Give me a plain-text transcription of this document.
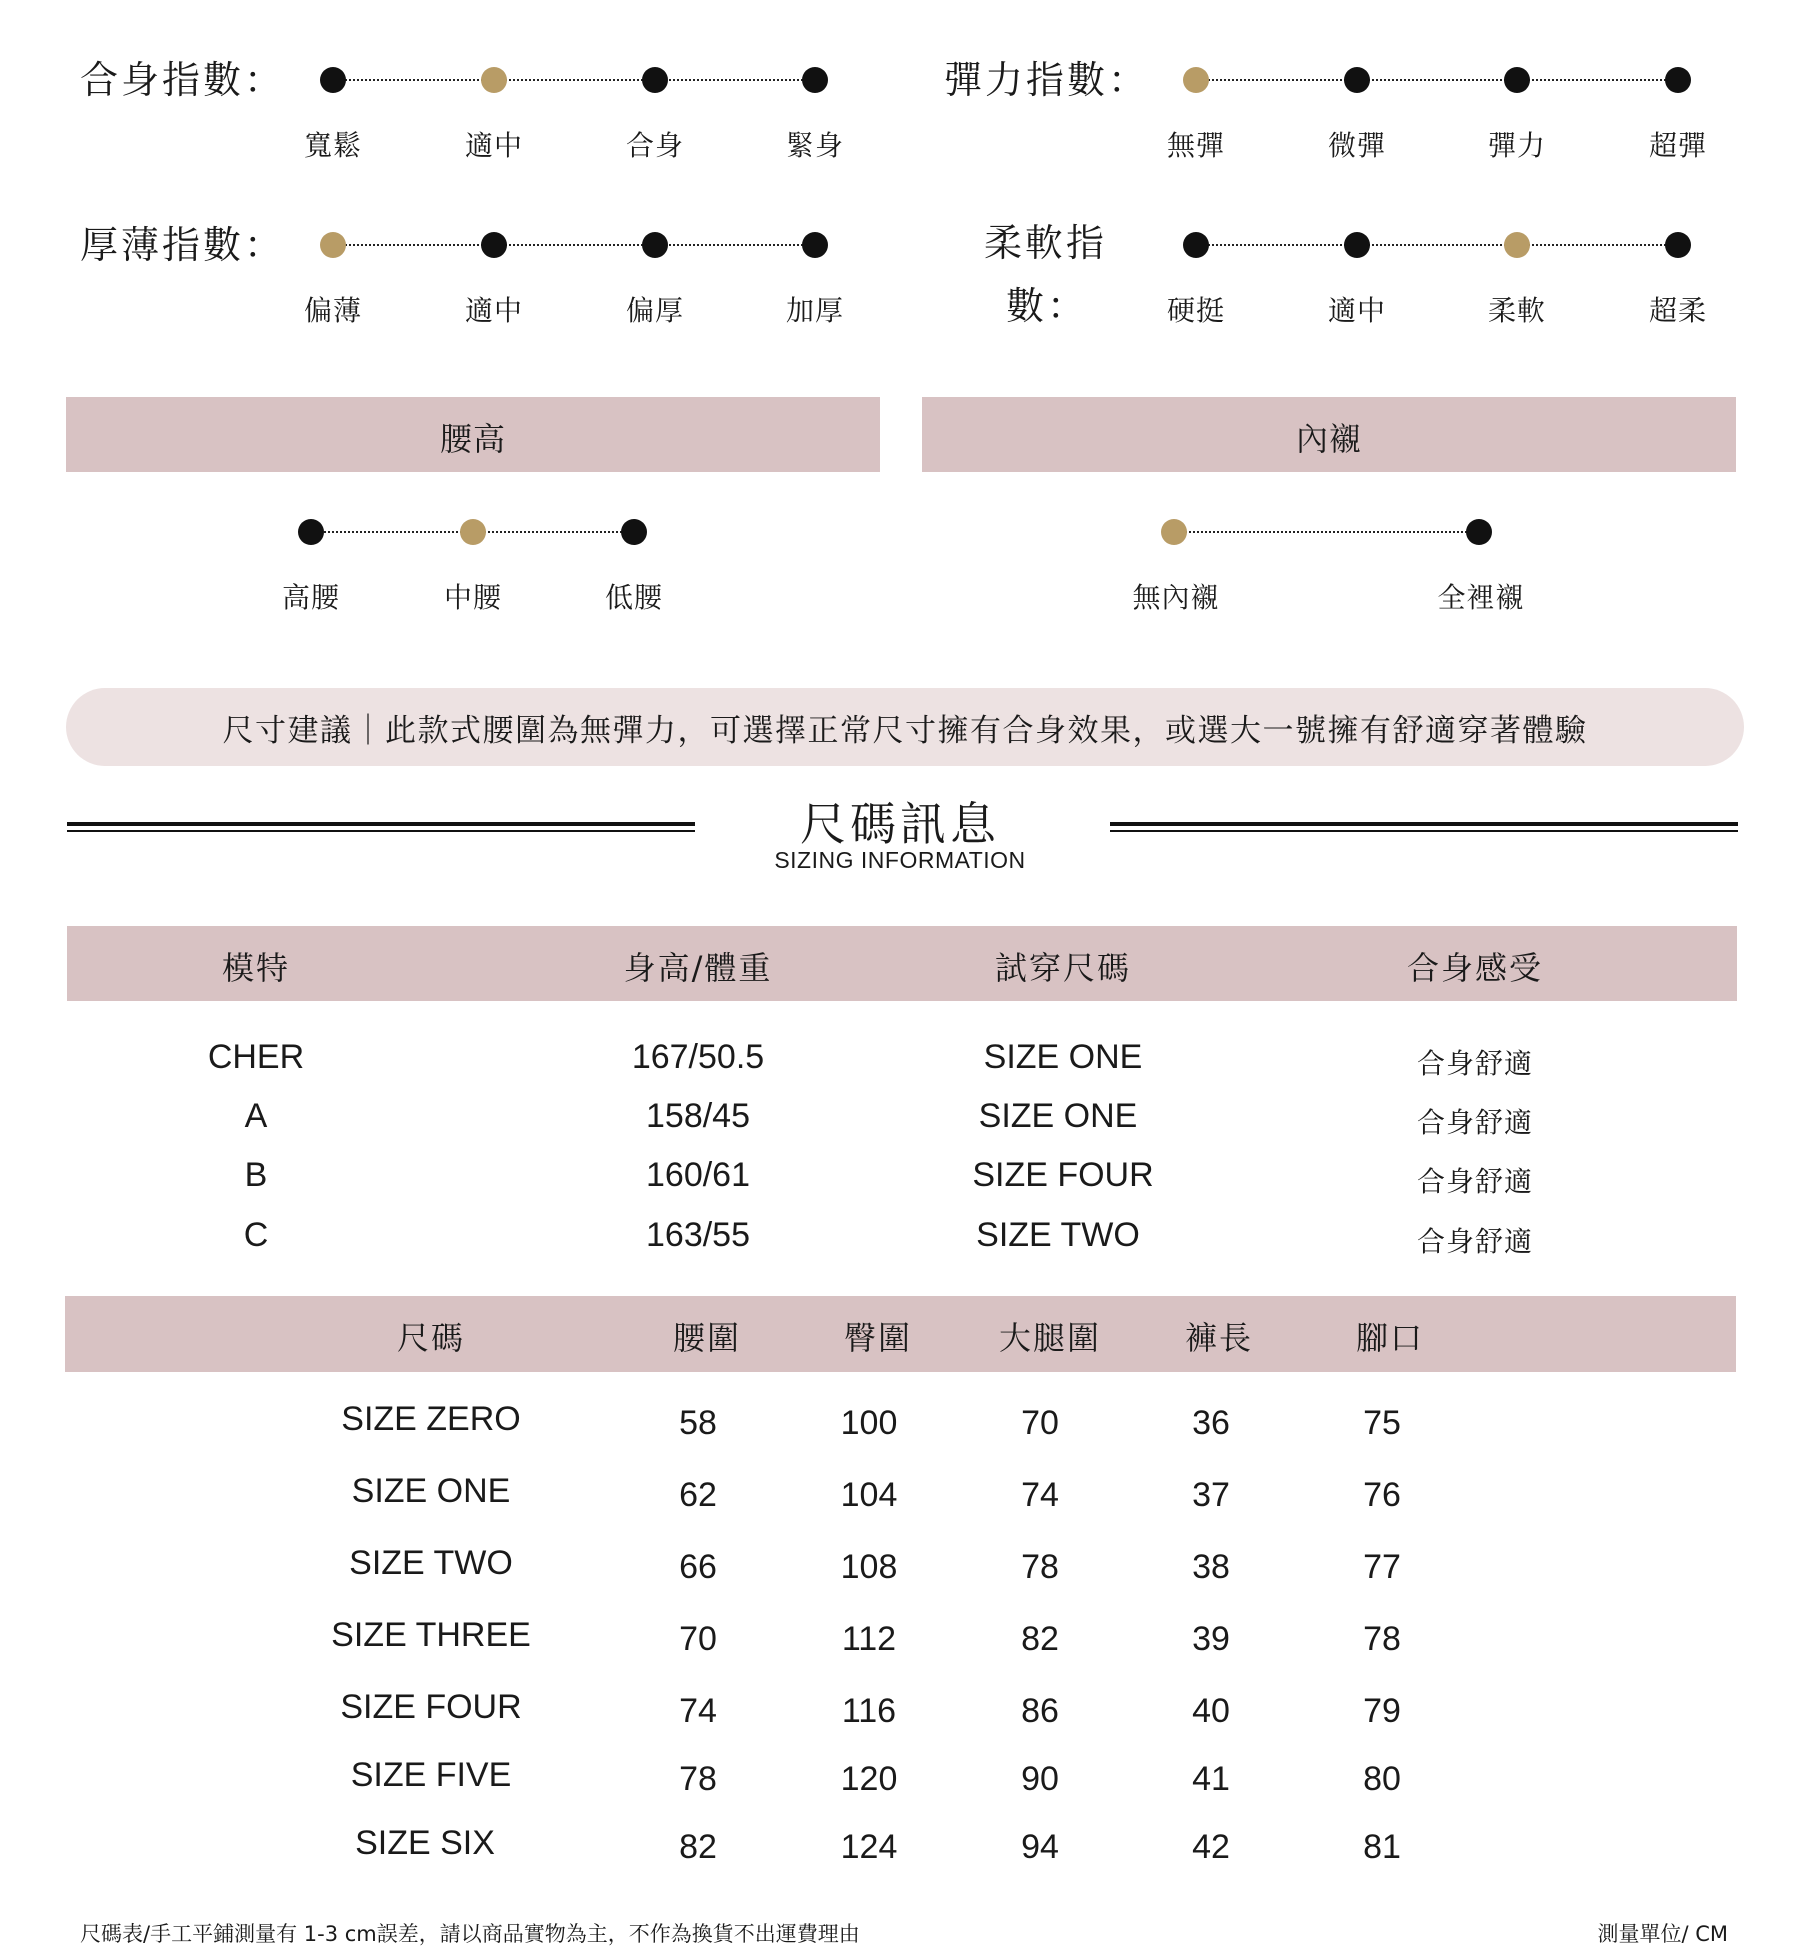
合身指數：
寬鬆	適中	合身	緊身
彈力指數：
無彈	微彈	彈力	超彈
厚薄指數：
偏薄	適中	偏厚	加厚
柔軟指
數：	硬挺	適中	柔軟	超柔
腰高
高腰	中腰	低腰
內襯
無內襯	全裡襯
尺寸建議｜此款式腰圍為無彈力，可選擇正常尺寸擁有合身效果，或選大一號擁有舒適穿著體驗
尺碼訊息
SIZING INFORMATION
模特	身高/體重	試穿尺碼	合身感受
CHER	167/50.5	SIZE ONE	合身舒適
A	158/45	SIZE ONE	合身舒適
B	160/61	SIZE FOUR	合身舒適
C	163/55	SIZE TWO	合身舒適
尺碼	腰圍	臀圍	大腿圍	褲長	腳口
SIZE ZERO	58	100	70	36	75
SIZE ONE	62	104	74	37	76
SIZE TWO	66	108	78	38	77
SIZE THREE	70	112	82	39	78
SIZE FOUR	74	116	86	40	79
SIZE FIVE	78	120	90	41	80
SIZE SIX	82	124	94	42	81
尺碼表/手工平鋪測量有 1-3 cm誤差，請以商品實物為主，不作為換貨不出運費理由	測量單位/ CM
